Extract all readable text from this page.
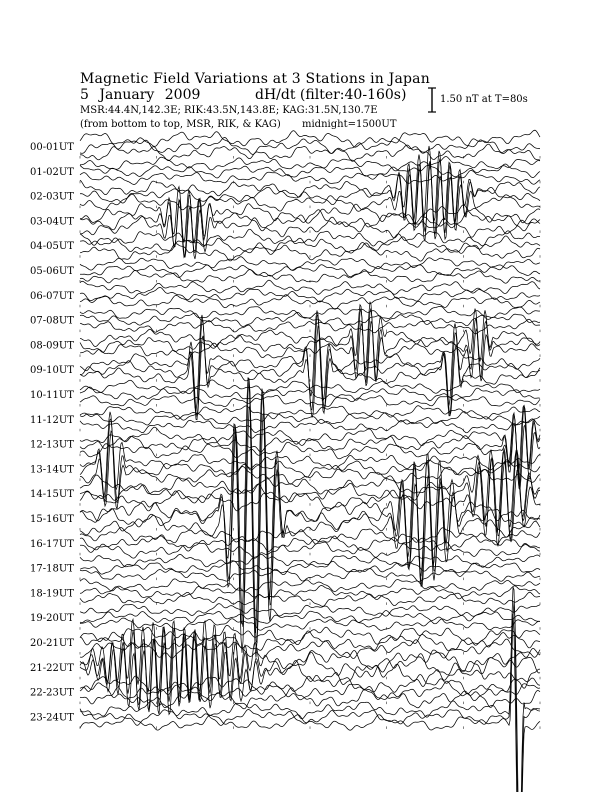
Magnetic Field Variations at 3 Stations in Japan
5 January 2009	dH/dt (filter:40-160s)
MSR:44.4N,142.3E; RIK:43.5N,143.8E; KAG:31.5N,130.7E
(from bottom to top, MSR, RIK, & KAG) midnight=1500UT
1.50 nT at T=80s
00-01UT
01-02UT
02-03UT
03-04UT
04-05UT
05-06UT
06-07UT
07-08UT
08-09UT
09-10UT
10-11UT
11-12UT
12-13UT
13-14UT
14-15UT
15-16UT
16-17UT
17-18UT
18-19UT
19-20UT
20-21UT
21-22UT
22-23UT
23-24UT
